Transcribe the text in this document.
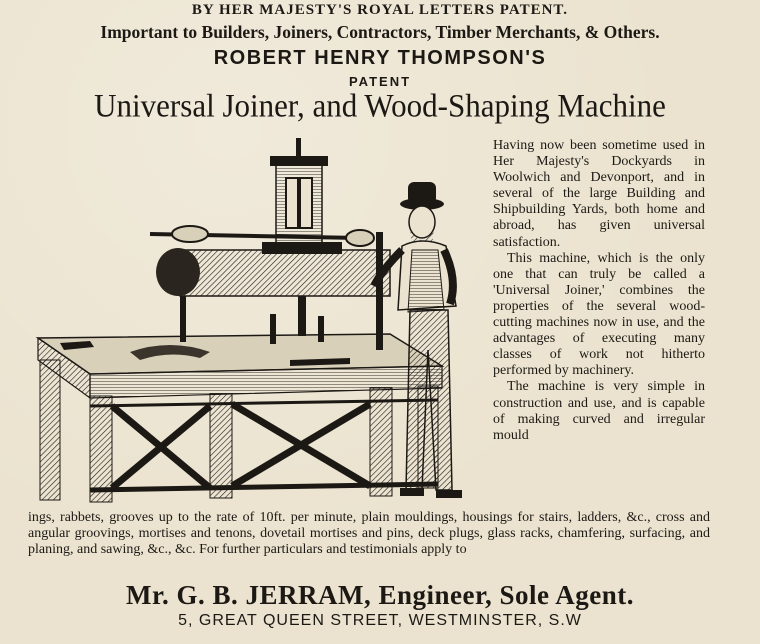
BY HER MAJESTY'S ROYAL LETTERS PATENT.
Important to Builders, Joiners, Contractors, Timber Merchants, & Others.
ROBERT HENRY THOMPSON'S
PATENT
Universal Joiner, and Wood-Shaping Machine

Having now been sometime used in Her Majesty's Dockyards in Woolwich and Devonport, and in several of the large Building and Shipbuilding Yards, both home and abroad, has given universal satisfaction.

This machine, which is the only one that can truly be called a 'Universal Joiner,' combines the properties of the several wood-cutting machines now in use, and the advantages of executing many classes of work not hitherto performed by machinery.

The machine is very simple in construction and use, and is capable of making curved and irregular mould

ings, rabbets, grooves up to the rate of 10ft. per minute, plain mouldings, housings for stairs, ladders, &c., cross and angular groovings, mortises and tenons, dovetail mortises and pins, deck plugs, glass racks, chamfering, surfacing, and planing, and sawing, &c., &c. For further particulars and testimonials apply to
Mr. G. B. JERRAM, Engineer, Sole Agent.
5, GREAT QUEEN STREET, WESTMINSTER, S.W
